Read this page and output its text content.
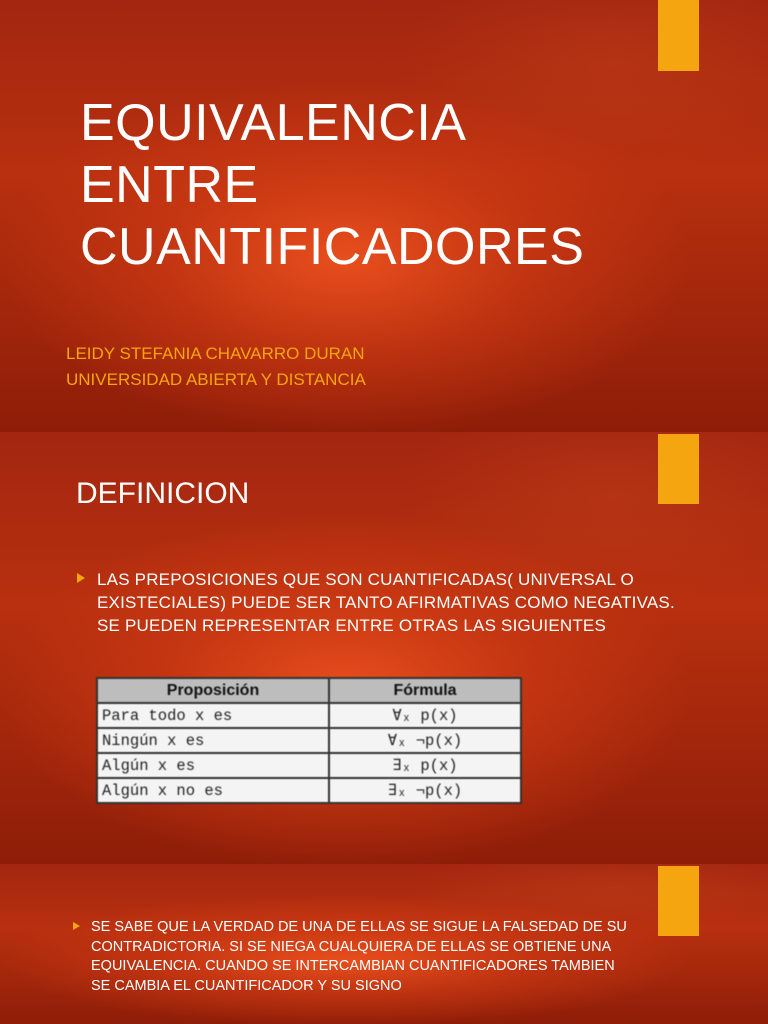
EQUIVALENCIA
ENTRE
CUANTIFICADORES
LEIDY STEFANIA CHAVARRO DURAN
UNIVERSIDAD ABIERTA Y DISTANCIA
DEFINICION
LAS PREPOSICIONES QUE SON CUANTIFICADAS( UNIVERSAL O EXISTECIALES) PUEDE SER TANTO AFIRMATIVAS COMO NEGATIVAS. SE PUEDEN REPRESENTAR ENTRE OTRAS LAS SIGUIENTES
Proposición	Fórmula
Para todo x es	∀ₓ p(x)
Ningún x es	∀ₓ ¬p(x)
Algún x es	∃ₓ p(x)
Algún x no es	∃ₓ ¬p(x)
SE SABE QUE LA VERDAD DE UNA DE ELLAS SE SIGUE LA FALSEDAD DE SU CONTRADICTORIA. SI SE NIEGA CUALQUIERA DE ELLAS SE OBTIENE UNA EQUIVALENCIA. CUANDO SE INTERCAMBIAN CUANTIFICADORES TAMBIEN SE CAMBIA EL CUANTIFICADOR Y SU SIGNO
